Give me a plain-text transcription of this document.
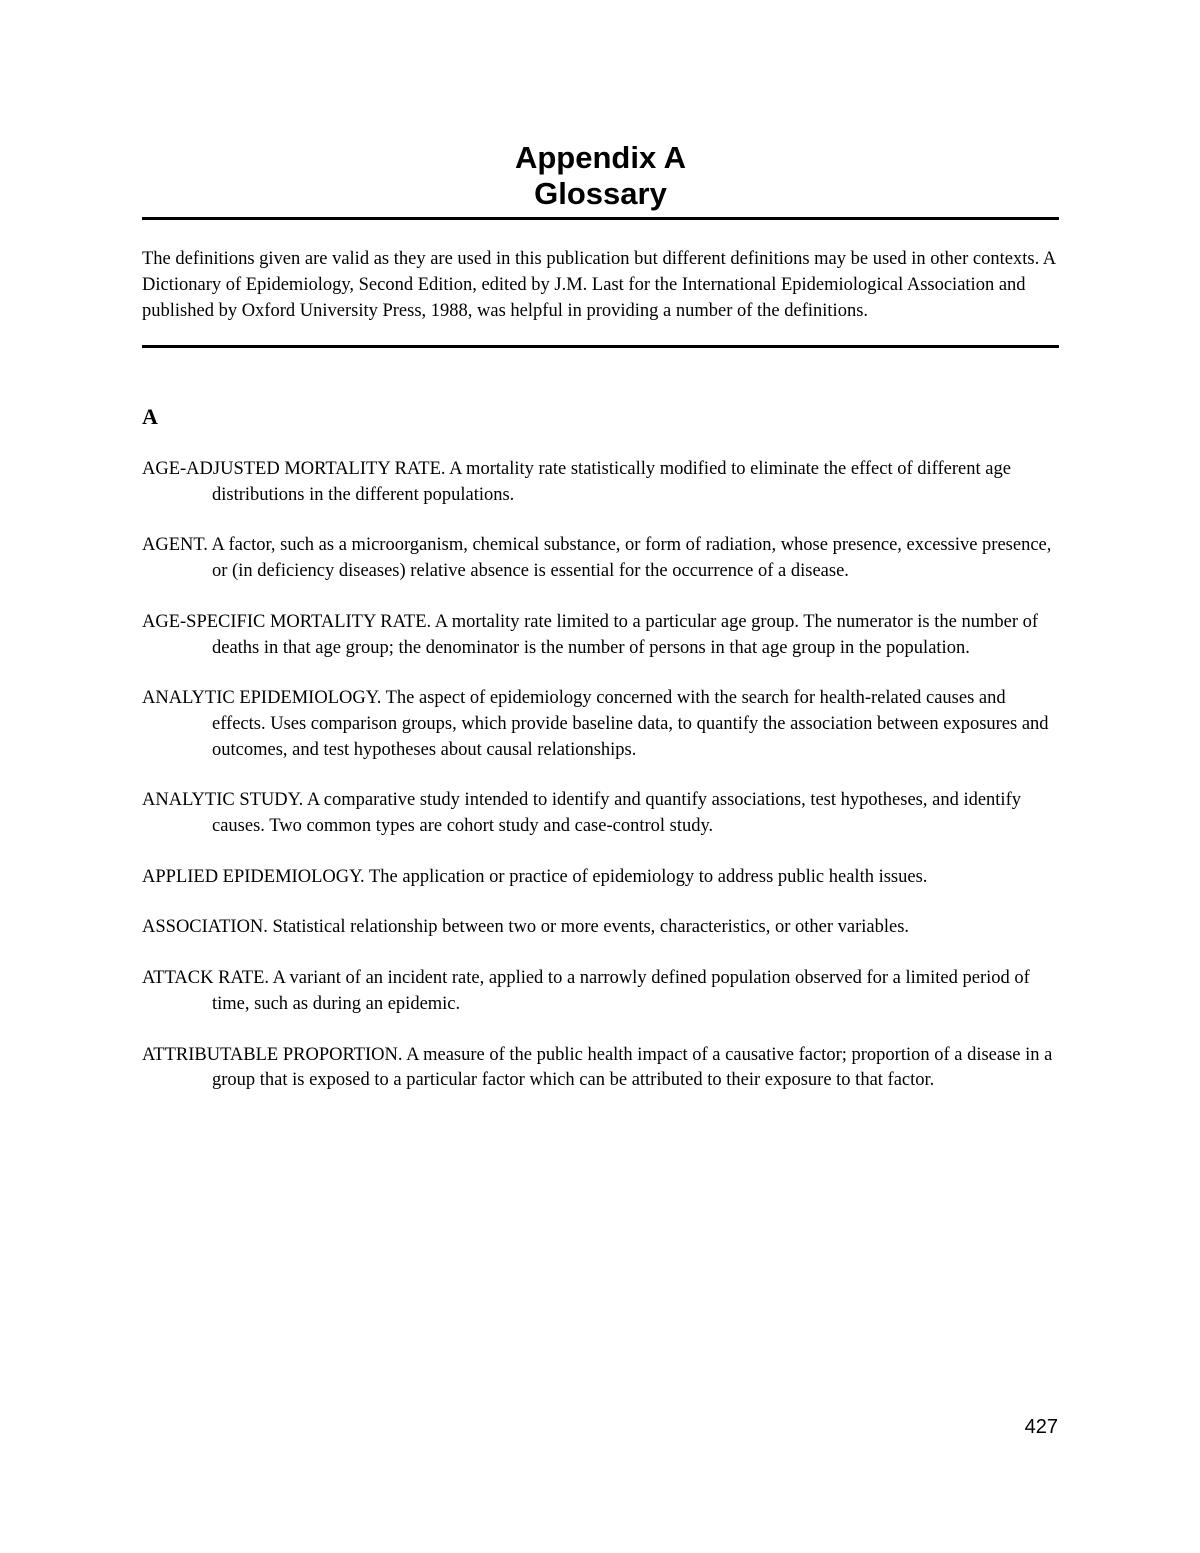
Appendix A
Glossary

The definitions given are valid as they are used in this publication but different definitions may be used in other contexts. A Dictionary of Epidemiology, Second Edition, edited by J.M. Last for the International Epidemiological Association and published by Oxford University Press, 1988, was helpful in providing a number of the definitions.

A

AGE-ADJUSTED MORTALITY RATE. A mortality rate statistically modified to eliminate the effect of different age distributions in the different populations.

AGENT. A factor, such as a microorganism, chemical substance, or form of radiation, whose presence, excessive presence, or (in deficiency diseases) relative absence is essential for the occurrence of a disease.

AGE-SPECIFIC MORTALITY RATE. A mortality rate limited to a particular age group. The numerator is the number of deaths in that age group; the denominator is the number of persons in that age group in the population.

ANALYTIC EPIDEMIOLOGY. The aspect of epidemiology concerned with the search for health-related causes and effects. Uses comparison groups, which provide baseline data, to quantify the association between exposures and outcomes, and test hypotheses about causal relationships.

ANALYTIC STUDY. A comparative study intended to identify and quantify associations, test hypotheses, and identify causes. Two common types are cohort study and case-control study.

APPLIED EPIDEMIOLOGY. The application or practice of epidemiology to address public health issues.

ASSOCIATION. Statistical relationship between two or more events, characteristics, or other variables.

ATTACK RATE. A variant of an incident rate, applied to a narrowly defined population observed for a limited period of time, such as during an epidemic.

ATTRIBUTABLE PROPORTION. A measure of the public health impact of a causative factor; proportion of a disease in a group that is exposed to a particular factor which can be attributed to their exposure to that factor.

427
